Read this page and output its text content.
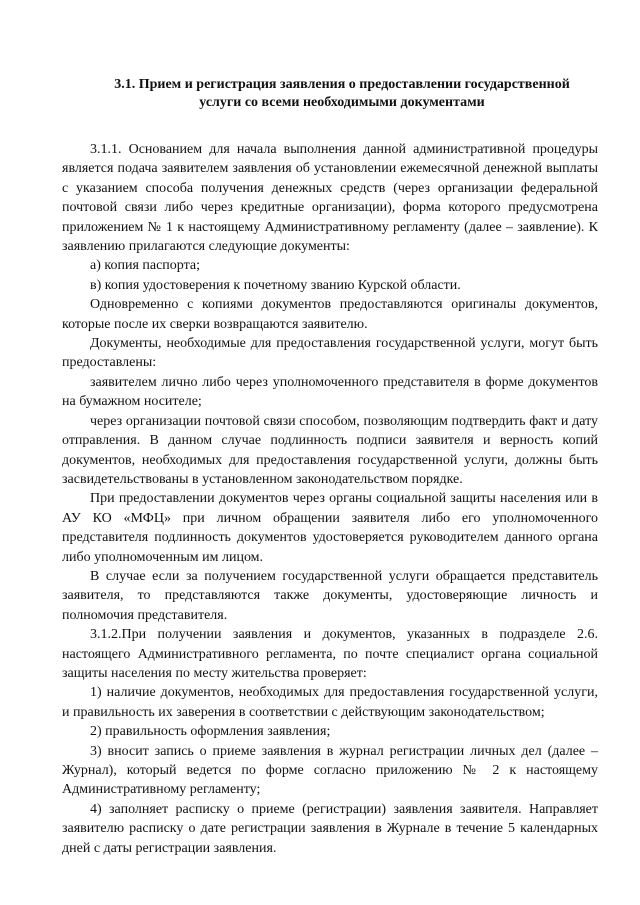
3.1. Прием и регистрация заявления о предоставлении государственной услуги со всеми необходимыми документами

3.1.1. Основанием для начала выполнения данной административной процедуры является подача заявителем заявления об установлении ежемесячной денежной выплаты с указанием способа получения денежных средств (через организации федеральной почтовой связи либо через кредитные организации), форма которого предусмотрена приложением № 1 к настоящему Административному регламенту (далее – заявление). К заявлению прилагаются следующие документы:

а) копия паспорта;

в) копия удостоверения к почетному званию Курской области.

Одновременно с копиями документов предоставляются оригиналы документов, которые после их сверки возвращаются заявителю.

Документы, необходимые для предоставления государственной услуги, могут быть предоставлены:

заявителем лично либо через уполномоченного представителя в форме документов на бумажном носителе;

через организации почтовой связи способом, позволяющим подтвердить факт и дату отправления. В данном случае подлинность подписи заявителя и верность копий документов, необходимых для предоставления государственной услуги, должны быть засвидетельствованы в установленном законодательством порядке.

При предоставлении документов через органы социальной защиты населения или в АУ КО «МФЦ» при личном обращении заявителя либо его уполномоченного представителя подлинность документов удостоверяется руководителем данного органа либо уполномоченным им лицом.

В случае если за получением государственной услуги обращается представитель заявителя, то представляются также документы, удостоверяющие личность и полномочия представителя.

3.1.2.При получении заявления и документов, указанных в подразделе 2.6. настоящего Административного регламента, по почте специалист органа социальной защиты населения по месту жительства проверяет:

1) наличие документов, необходимых для предоставления государственной услуги, и правильность их заверения в соответствии с действующим законодательством;

2) правильность оформления заявления;

3) вносит запись о приеме заявления в журнал регистрации личных дел (далее – Журнал), который ведется по форме согласно приложению № 2 к настоящему Административному регламенту;

4) заполняет расписку о приеме (регистрации) заявления заявителя. Направляет заявителю расписку о дате регистрации заявления в Журнале в течение 5 календарных дней с даты регистрации заявления.
